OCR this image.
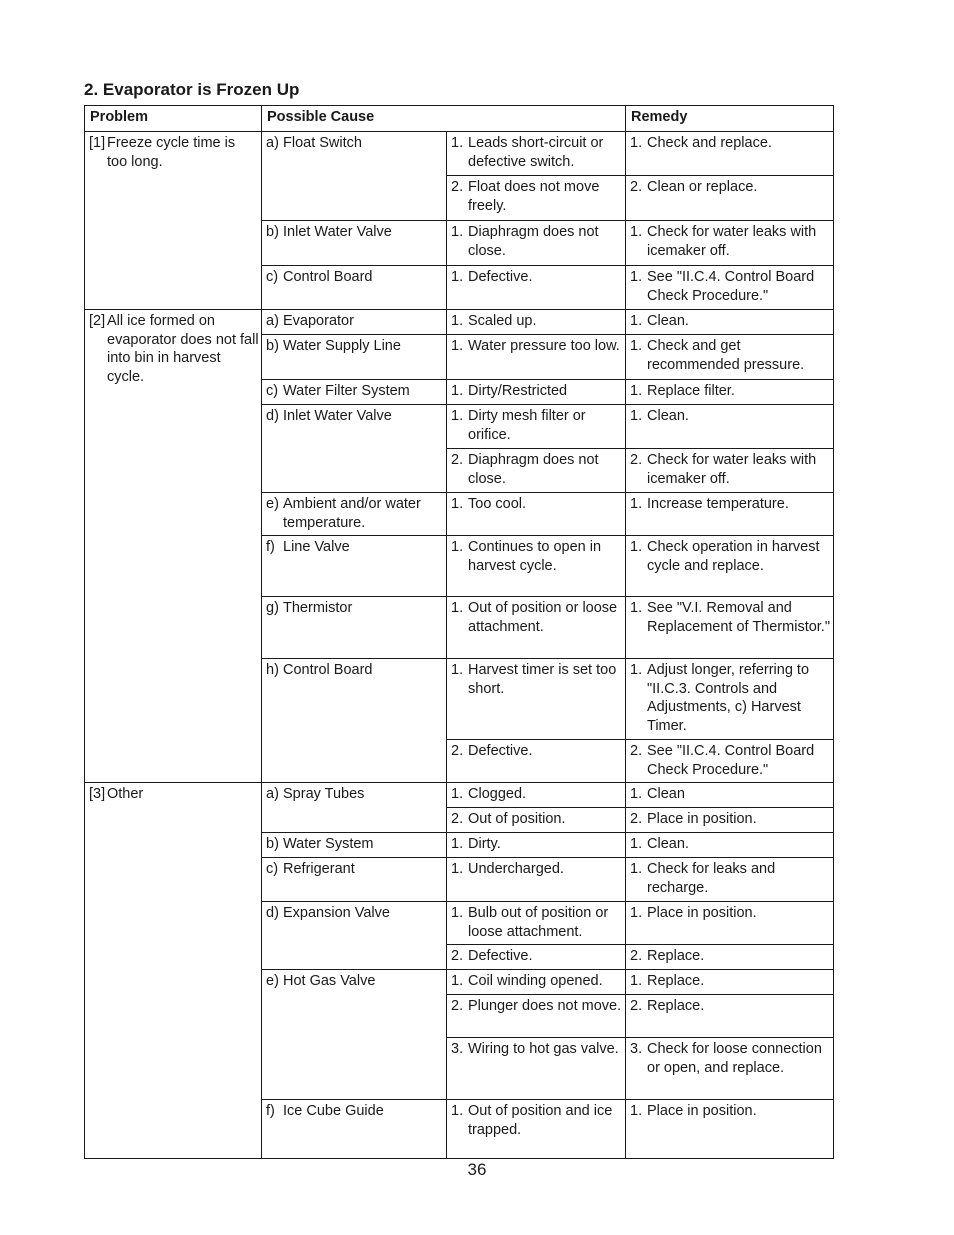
2. Evaporator is Frozen Up
Problem	Possible Cause		Remedy

[1] Freeze cycle time is too long.	a) Float Switch	1. Leads short-circuit or defective switch.	1. Check and replace.

		2. Float does not move freely.	2. Clean or replace.

	b) Inlet Water Valve	1. Diaphragm does not close.	1. Check for water leaks with icemaker off.

	c) Control Board	1. Defective.	1. See "II.C.4. Control Board Check Procedure."

[2] All ice formed on evaporator does not fall into bin in harvest cycle.	a) Evaporator	1. Scaled up.	1. Clean.

	b) Water Supply Line	1. Water pressure too low.	1. Check and get recommended pressure.

	c) Water Filter System	1. Dirty/Restricted	1. Replace filter.

	d) Inlet Water Valve	1. Dirty mesh filter or orifice.	1. Clean.

		2. Diaphragm does not close.	2. Check for water leaks with icemaker off.

	e) Ambient and/or water temperature.	1. Too cool.	1. Increase temperature.

	f) Line Valve	1. Continues to open in harvest cycle.	1. Check operation in harvest cycle and replace.

	g) Thermistor	1. Out of position or loose attachment.	1. See "V.I. Removal and Replacement of Thermistor."

	h) Control Board	1. Harvest timer is set too short.	1. Adjust longer, referring to "II.C.3. Controls and Adjustments, c) Harvest Timer.

		2. Defective.	2. See "II.C.4. Control Board Check Procedure."

[3] Other	a) Spray Tubes	1. Clogged.	1. Clean

		2. Out of position.	2. Place in position.

	b) Water System	1. Dirty.	1. Clean.

	c) Refrigerant	1. Undercharged.	1. Check for leaks and recharge.

	d) Expansion Valve	1. Bulb out of position or loose attachment.	1. Place in position.

		2. Defective.	2. Replace.

	e) Hot Gas Valve	1. Coil winding opened.	1. Replace.

		2. Plunger does not move.	2. Replace.

		3. Wiring to hot gas valve.	3. Check for loose connection or open, and replace.

	f) Ice Cube Guide	1. Out of position and ice trapped.	1. Place in position.
36
